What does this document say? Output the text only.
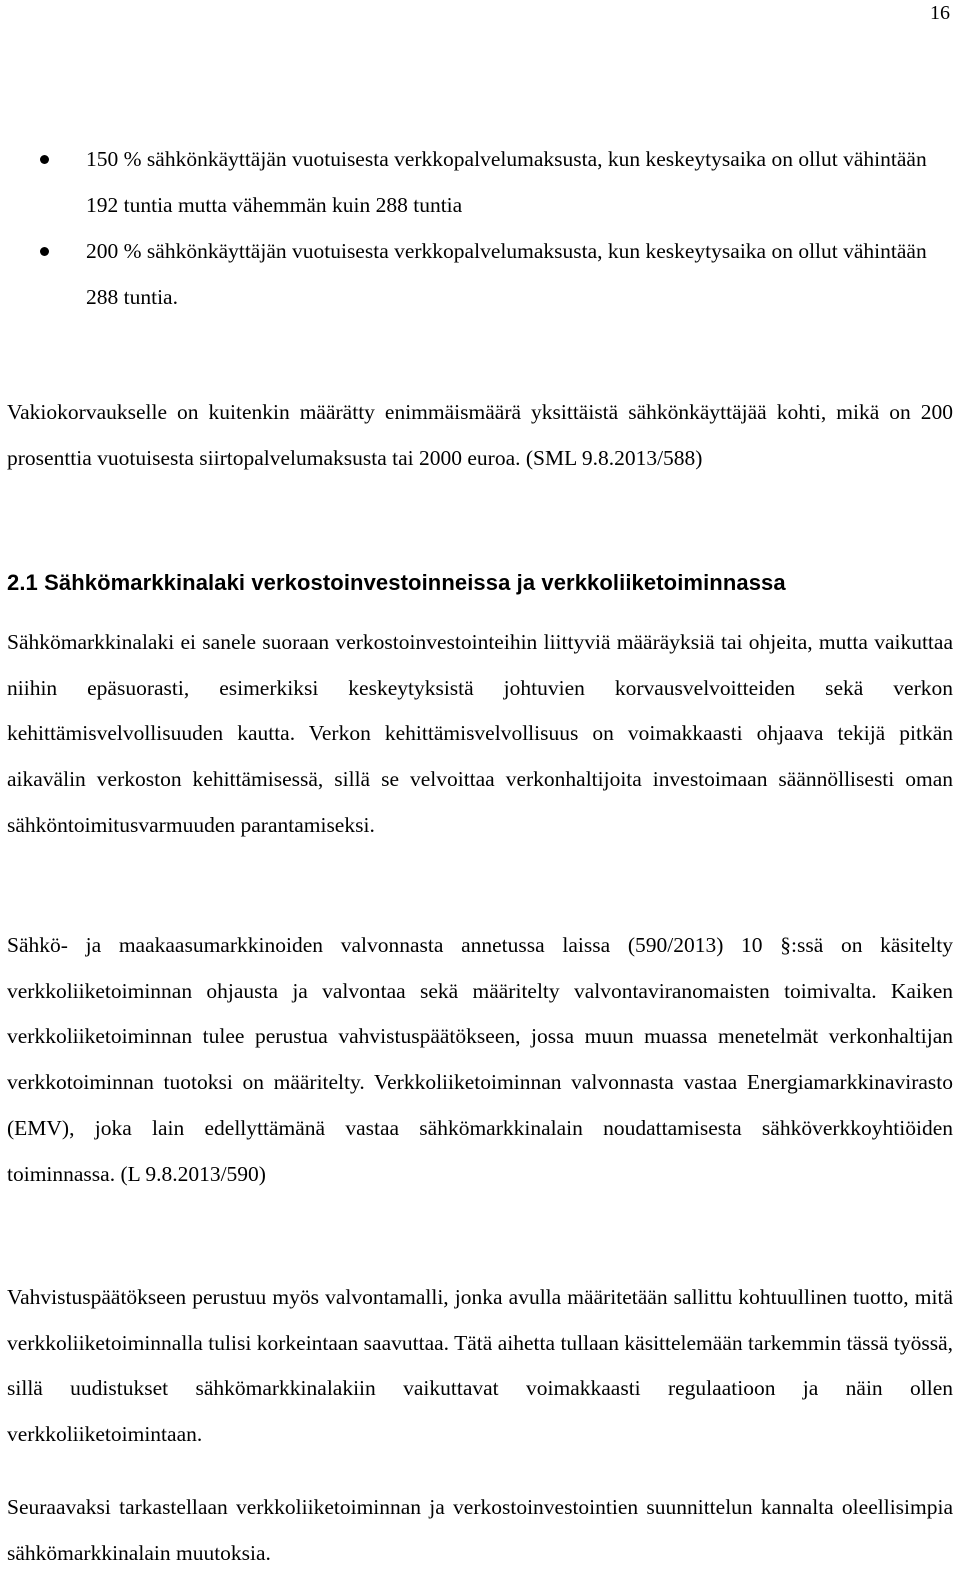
16
150 % sähkönkäyttäjän vuotuisesta verkkopalvelumaksusta, kun keskeytysaika on ollut vähintään 192 tuntia mutta vähemmän kuin 288 tuntia
200 % sähkönkäyttäjän vuotuisesta verkkopalvelumaksusta, kun keskeytysaika on ollut vähintään 288 tuntia.

Vakiokorvaukselle on kuitenkin määrätty enimmäismäärä yksittäistä sähkönkäyttäjää kohti, mikä on 200 prosenttia vuotuisesta siirtopalvelumaksusta tai 2000 euroa. (SML 9.8.2013/588)

2.1 Sähkömarkkinalaki verkostoinvestoinneissa ja verkkoliiketoiminnassa

Sähkömarkkinalaki ei sanele suoraan verkostoinvestointeihin liittyviä määräyksiä tai ohjeita, mutta vaikuttaa niihin epäsuorasti, esimerkiksi keskeytyksistä johtuvien korvausvelvoitteiden sekä verkon kehittämisvelvollisuuden kautta. Verkon kehittämisvelvollisuus on voimakkaasti ohjaava tekijä pitkän aikavälin verkoston kehittämisessä, sillä se velvoittaa verkonhaltijoita investoimaan säännöllisesti oman sähköntoimitusvarmuuden parantamiseksi.

Sähkö- ja maakaasumarkkinoiden valvonnasta annetussa laissa (590/2013) 10 §:ssä on käsitelty verkkoliiketoiminnan ohjausta ja valvontaa sekä määritelty valvontaviranomaisten toimivalta. Kaiken verkkoliiketoiminnan tulee perustua vahvistuspäätökseen, jossa muun muassa menetelmät verkonhaltijan verkkotoiminnan tuotoksi on määritelty. Verkkoliiketoiminnan valvonnasta vastaa Energiamarkkinavirasto (EMV), joka lain edellyttämänä vastaa sähkömarkkinalain noudattamisesta sähköverkkoyhtiöiden toiminnassa. (L 9.8.2013/590)

Vahvistuspäätökseen perustuu myös valvontamalli, jonka avulla määritetään sallittu kohtuullinen tuotto, mitä verkkoliiketoiminnalla tulisi korkeintaan saavuttaa. Tätä aihetta tullaan käsittelemään tarkemmin tässä työssä, sillä uudistukset sähkömarkkinalakiin vaikuttavat voimakkaasti regulaatioon ja näin ollen verkkoliiketoimintaan.

Seuraavaksi tarkastellaan verkkoliiketoiminnan ja verkostoinvestointien suunnittelun kannalta oleellisimpia sähkömarkkinalain muutoksia.
